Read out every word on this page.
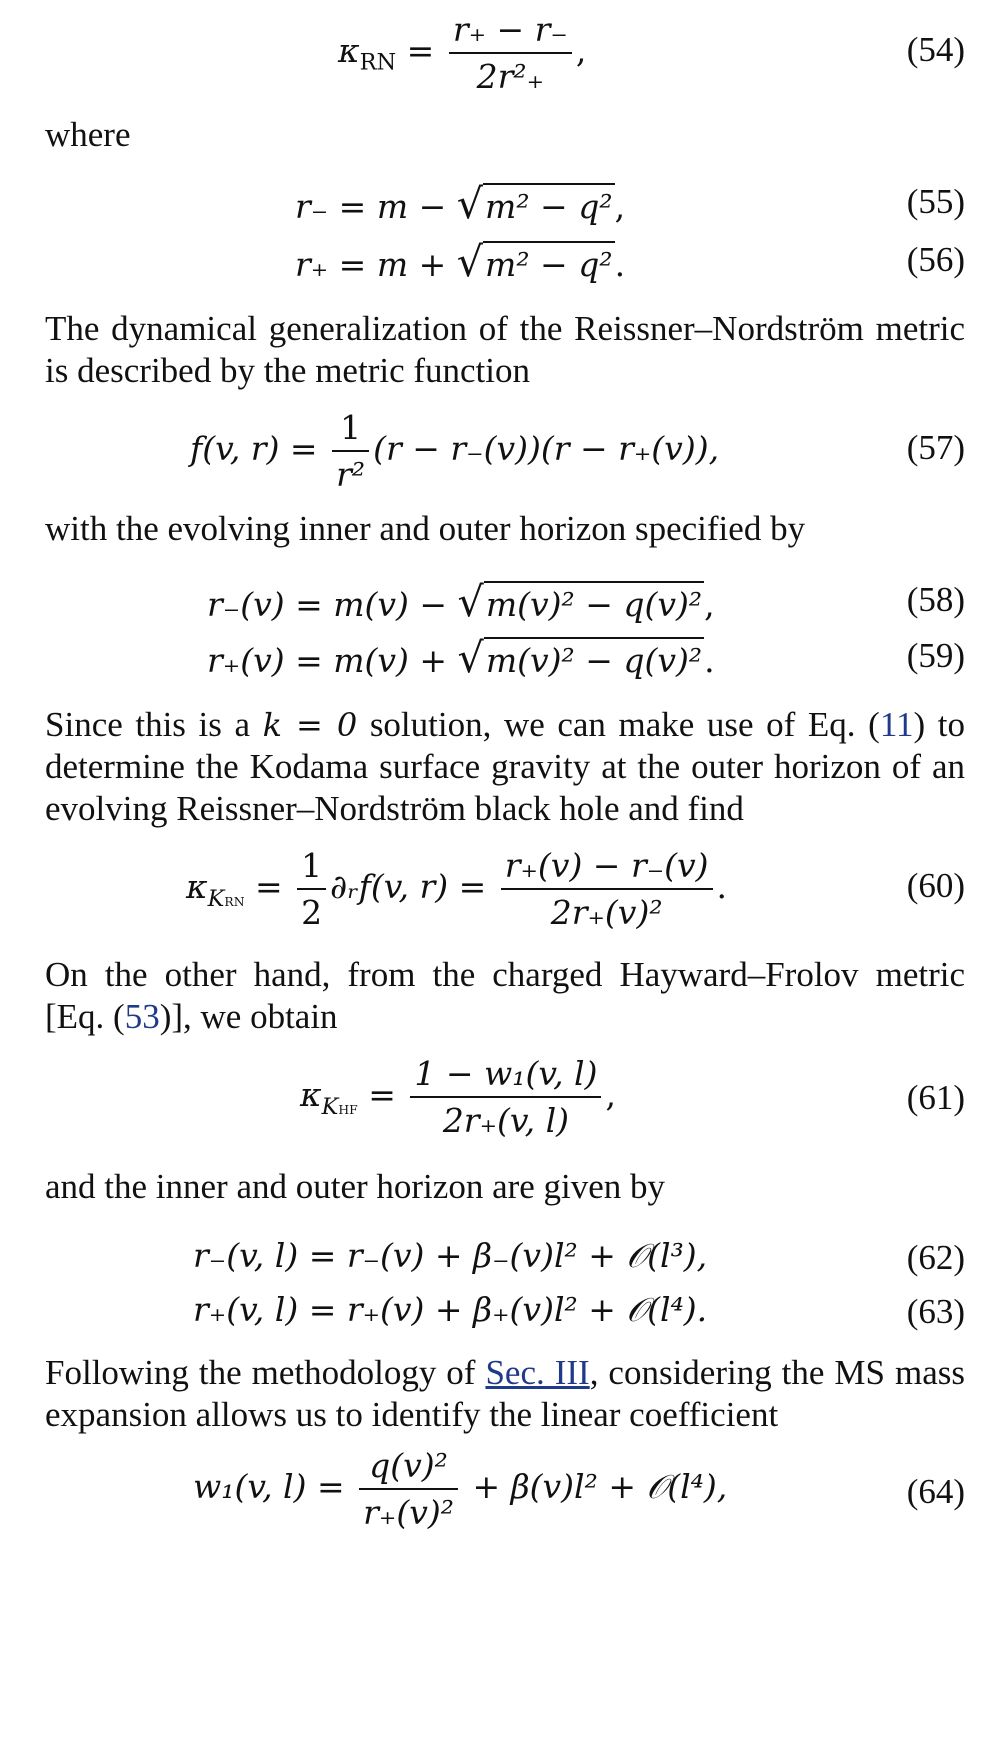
$\kappa_{RN} = \frac{r_+ - r_-}{\text{2r²₊}}$ ,	(54)
where
r₋ = m − √m² − q²,	(55)
r₊ = m + √m² − q².	(56)
The dynamical generalization of the Reissner–Nordström metric is described by the metric function
f(v, $r) = \frac{1}{\text{r²}} (r - r_-(v))(r - r_+(v))$,	(57)
with the evolving inner and outer horizon specified by
r₋(v) = m(v) − √m(v)² − q(v)²,	(58)
r₊(v) = m(v) + √m(v)² − q(v)².	(59)
Since this is a k = 0 solution, we can make use of Eq. (11) to determine the Kodama surface gravity at the outer horizon of an evolving Reissner–Nordström black hole and find
$\kappa_{KRN} = \frac{1}{2}$ ∂ᵣf(v, $r) = \frac{r_+(v) - r_-(v)}{\text{2r₊(v)²}}$ .	(60)
On the other hand, from the charged Hayward–Frolov metric [Eq. (53)], we obtain
$\kappa_{KHF} = \frac{\text{1 − w₁(v, l)}}{2r_+(v, l)}$ ,	(61)
and the inner and outer horizon are given by
r₋(v, l) = r₋(v) + β₋(v)l² + 𝒪(l³),	(62)
r₊(v, l) = r₊(v) + β₊(v)l² + 𝒪(l⁴).	(63)
Following the methodology of Sec. III, considering the MS mass expansion allows us to identify the linear coefficient
w₁(v, $l) = \frac{\text{q(v)²}}{\text{r₊(v)²}} + \beta(v)l^2$ + 𝒪(l⁴),	(64)
